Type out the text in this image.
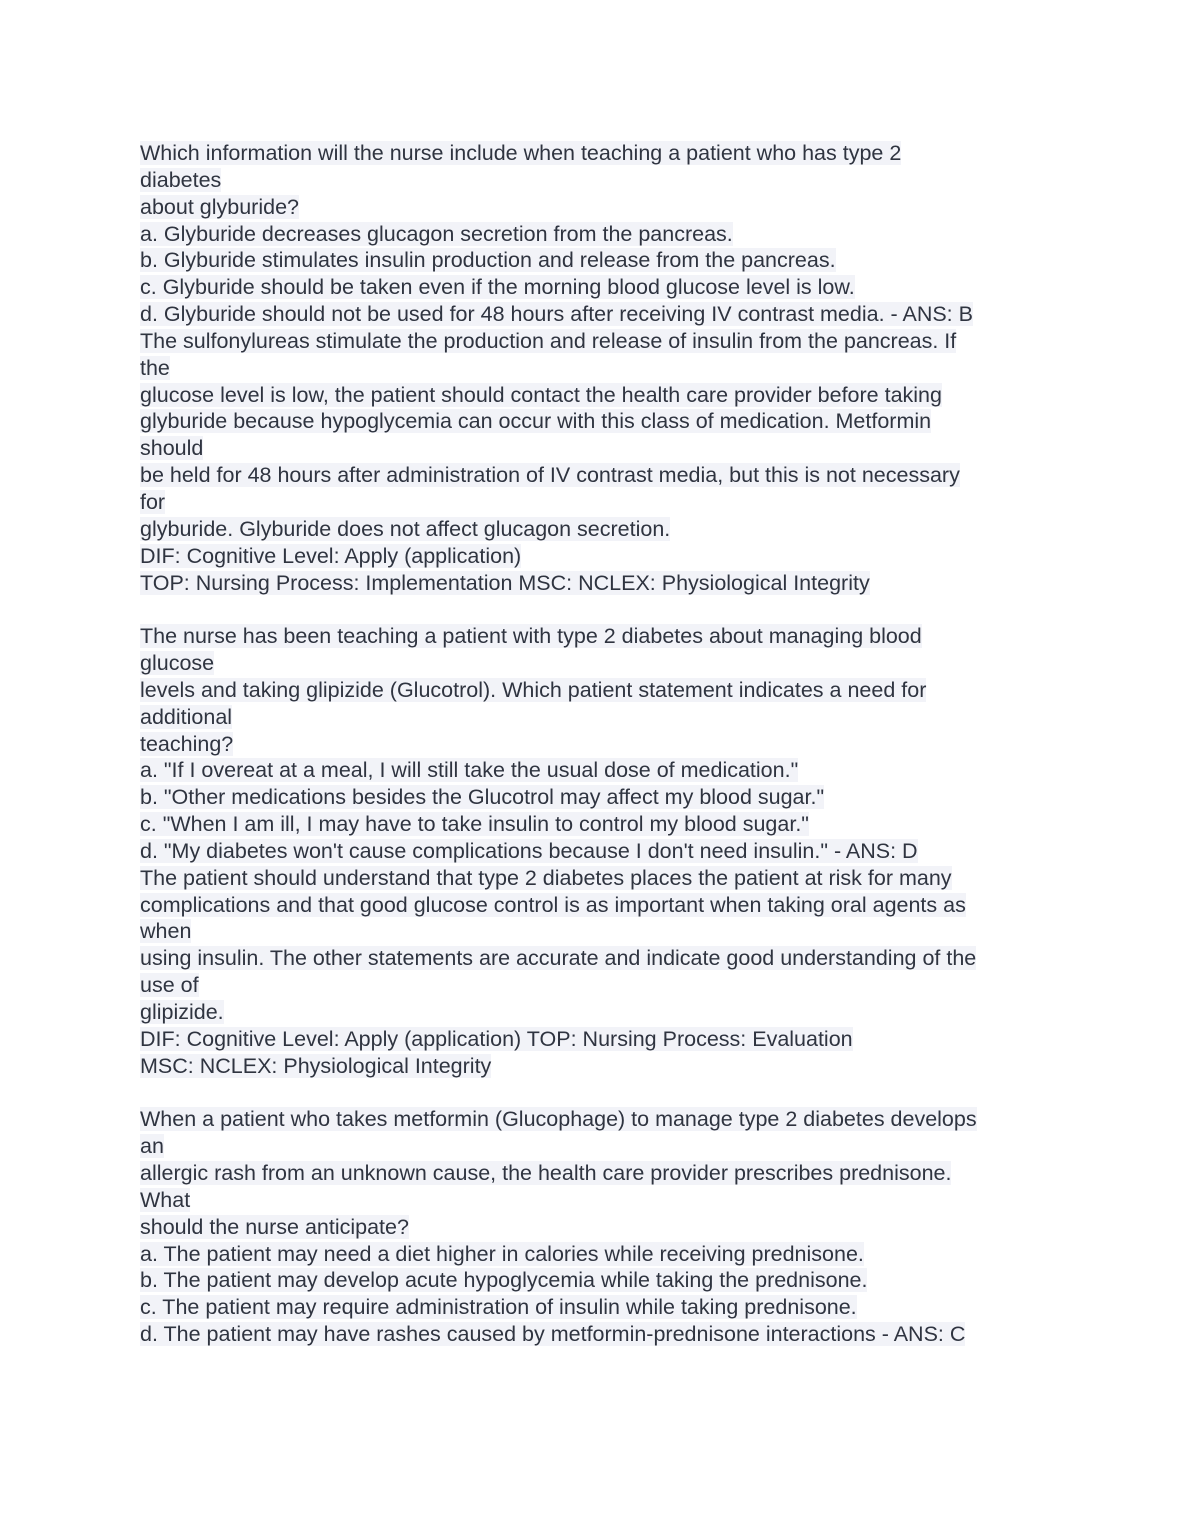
Which information will the nurse include when teaching a patient who has type 2
diabetes
about glyburide?
a. Glyburide decreases glucagon secretion from the pancreas.
b. Glyburide stimulates insulin production and release from the pancreas.
c. Glyburide should be taken even if the morning blood glucose level is low.
d. Glyburide should not be used for 48 hours after receiving IV contrast media. - ANS: B
The sulfonylureas stimulate the production and release of insulin from the pancreas. If
the
glucose level is low, the patient should contact the health care provider before taking
glyburide because hypoglycemia can occur with this class of medication. Metformin
should
be held for 48 hours after administration of IV contrast media, but this is not necessary
for
glyburide. Glyburide does not affect glucagon secretion.
DIF: Cognitive Level: Apply (application)
TOP: Nursing Process: Implementation MSC: NCLEX: Physiological Integrity
The nurse has been teaching a patient with type 2 diabetes about managing blood
glucose
levels and taking glipizide (Glucotrol). Which patient statement indicates a need for
additional
teaching?
a. "If I overeat at a meal, I will still take the usual dose of medication."
b. "Other medications besides the Glucotrol may affect my blood sugar."
c. "When I am ill, I may have to take insulin to control my blood sugar."
d. "My diabetes won't cause complications because I don't need insulin." - ANS: D
The patient should understand that type 2 diabetes places the patient at risk for many
complications and that good glucose control is as important when taking oral agents as
when
using insulin. The other statements are accurate and indicate good understanding of the
use of
glipizide.
DIF: Cognitive Level: Apply (application) TOP: Nursing Process: Evaluation
MSC: NCLEX: Physiological Integrity
When a patient who takes metformin (Glucophage) to manage type 2 diabetes develops
an
allergic rash from an unknown cause, the health care provider prescribes prednisone.
What
should the nurse anticipate?
a. The patient may need a diet higher in calories while receiving prednisone.
b. The patient may develop acute hypoglycemia while taking the prednisone.
c. The patient may require administration of insulin while taking prednisone.
d. The patient may have rashes caused by metformin-prednisone interactions - ANS: C
